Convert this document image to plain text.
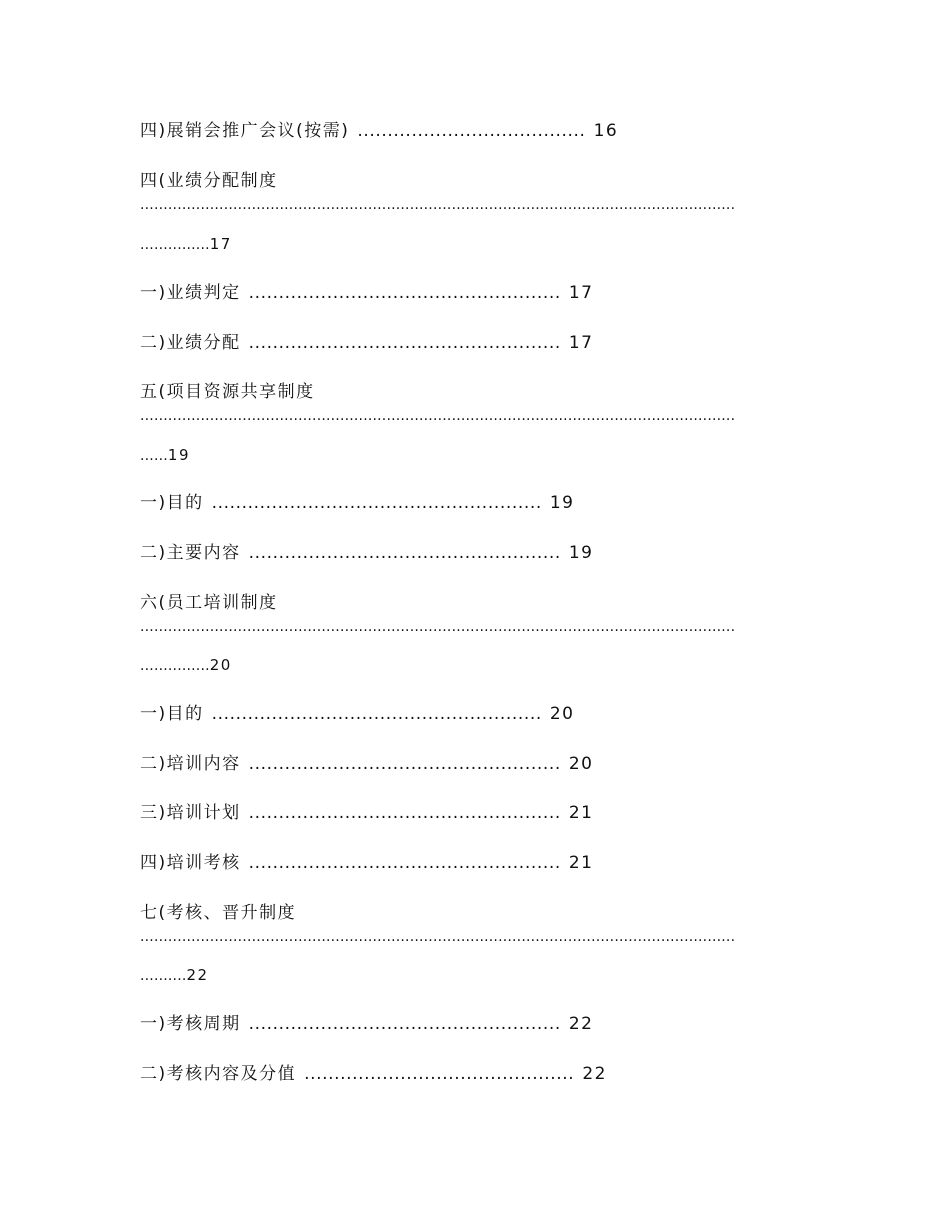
四)展销会推广会议(按需) ...................................... 16
四(业绩分配制度
................................................................................................................................
...............17
一)业绩判定 .................................................... 17
二)业绩分配 .................................................... 17
五(项目资源共享制度
................................................................................................................................
......19
一)目的 ....................................................... 19
二)主要内容 .................................................... 19
六(员工培训制度
................................................................................................................................
...............20
一)目的 ....................................................... 20
二)培训内容 .................................................... 20
三)培训计划 .................................................... 21
四)培训考核 .................................................... 21
七(考核、晋升制度
................................................................................................................................
..........22
一)考核周期 .................................................... 22
二)考核内容及分值 ............................................. 22
